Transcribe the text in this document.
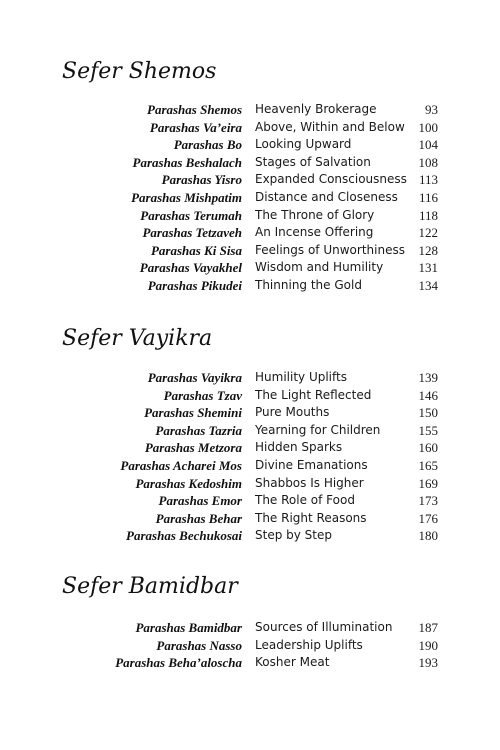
Sefer Shemos
Parashas Shemos Heavenly Brokerage	93
Parashas Va’eira Above, Within and Below 100
Parashas Bo Looking Upward	104
Parashas Beshalach Stages of Salvation	108
Parashas Yisro Expanded Consciousness 113
Parashas Mishpatim Distance and Closeness 116
Parashas Terumah The Throne of Glory	118
Parashas Tetzaveh An Incense Offering	122
Parashas Ki Sisa Feelings of Unworthiness 128
Parashas Vayakhel Wisdom and Humility	131
Parashas Pikudei Thinning the Gold	134
Sefer Vayikra
Parashas Vayikra Humility Uplifts	139
Parashas Tzav The Light Reflected	146
Parashas Shemini Pure Mouths	150
Parashas Tazria Yearning for Children	155
Parashas Metzora Hidden Sparks	160
Parashas Acharei Mos Divine Emanations	165
Parashas Kedoshim Shabbos Is Higher	169
Parashas Emor The Role of Food	173
Parashas Behar The Right Reasons	176
Parashas Bechukosai Step by Step	180
Sefer Bamidbar
Parashas Bamidbar Sources of Illumination 187
Parashas Nasso Leadership Uplifts	190
Parashas Beha’aloscha Kosher Meat	193
